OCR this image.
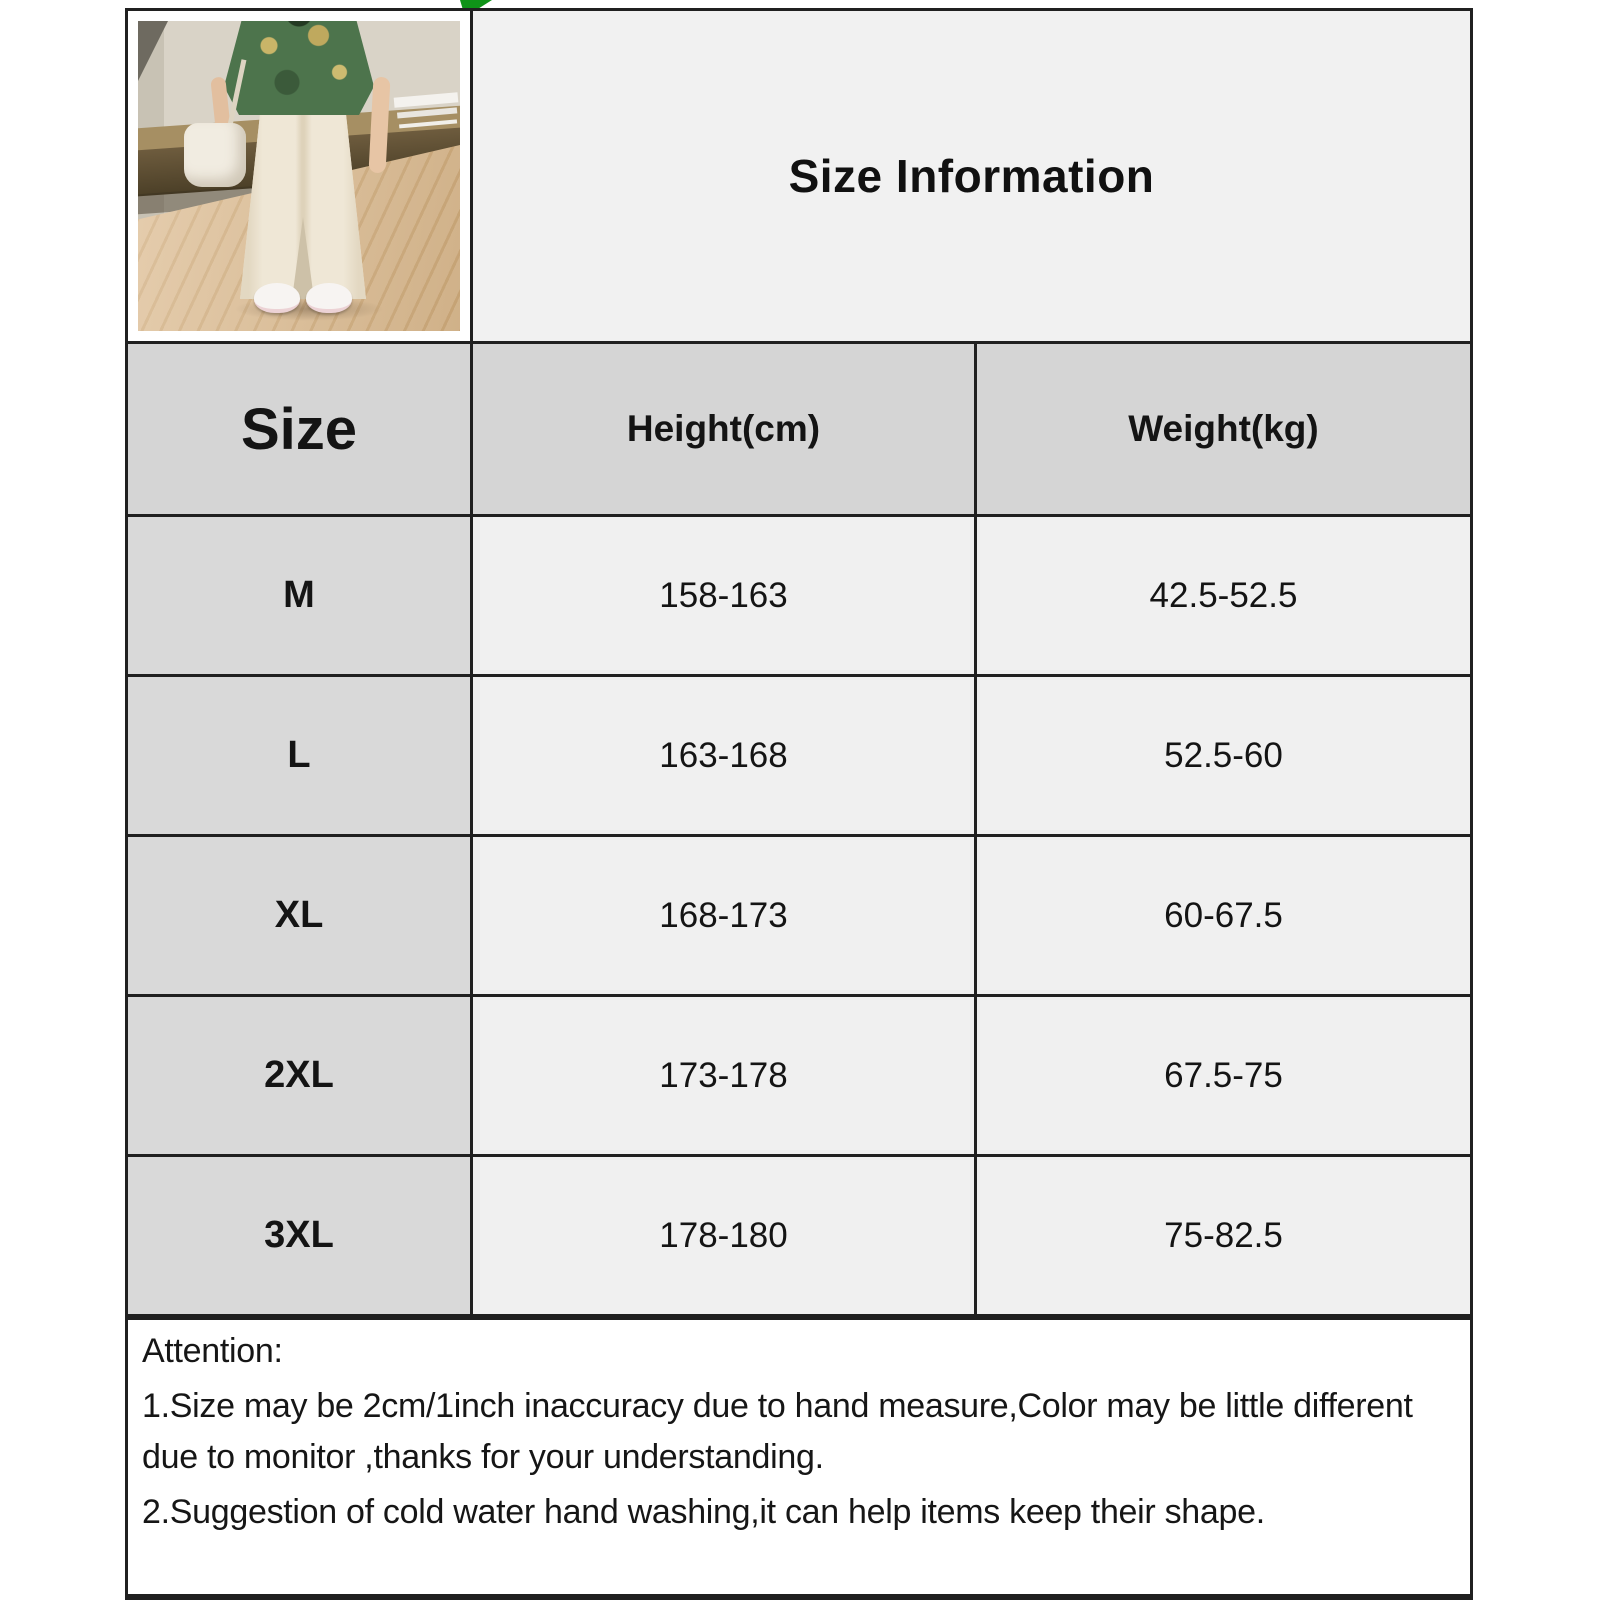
Size Information
Size	Height(cm)	Weight(kg)
M	158-163	42.5-52.5
L	163-168	52.5-60
XL	168-173	60-67.5
2XL	173-178	67.5-75
3XL	178-180	75-82.5

Attention:

1.Size may be 2cm/1inch inaccuracy due to hand measure,Color may be little different due to monitor ,thanks for your understanding.

2.Suggestion of cold water hand washing,it can help items keep their shape.
